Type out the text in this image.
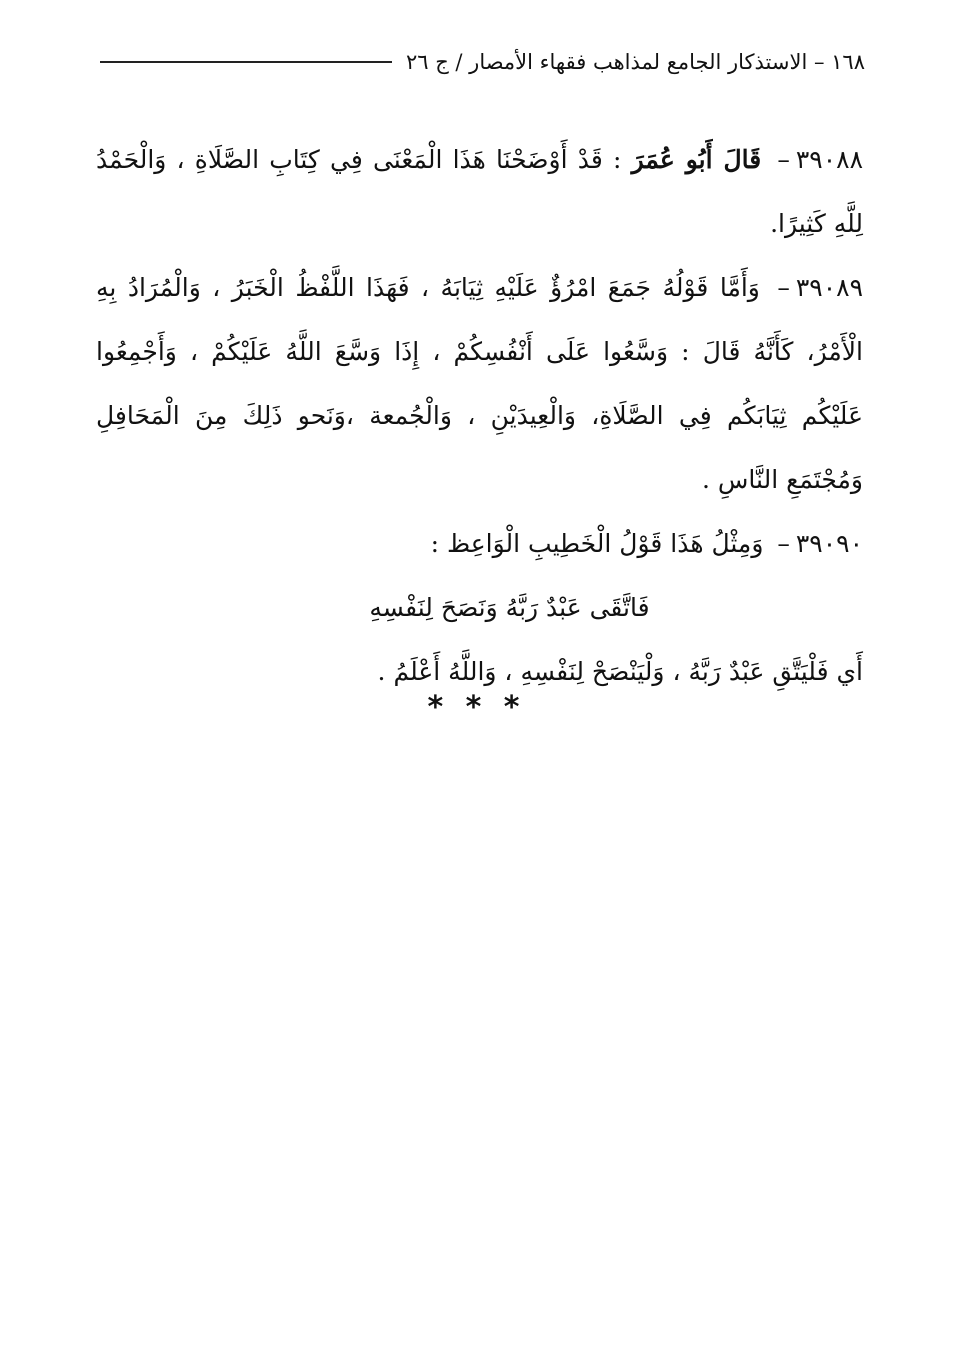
١٦٨ – الاستذكار الجامع لمذاهب فقهاء الأمصار / ج ٢٦

٣٩٠٨٨– قَالَ أَبُو عُمَرَ : قَدْ أَوْضَحْنَا هَذَا الْمَعْنَى فِي كِتَابِ الصَّلَاةِ ، وَالْحَمْدُ لِلَّهِ كَثِيرًا.

٣٩٠٨٩– وَأَمَّا قَوْلُهُ جَمَعَ امْرُؤٌ عَلَيْهِ ثِيَابَهُ ، فَهَذَا اللَّفْظُ الْخَبَرُ ، وَالْمُرَادُ بِهِ الْأَمْرُ، كَأَنَّهُ قَالَ : وَسَّعُوا عَلَى أَنْفُسِكُمْ ، إِذَا وَسَّعَ اللَّهُ عَلَيْكُمْ ، وَأَجْمِعُوا عَلَيْكُم ثِيَابَكُم فِي الصَّلَاةِ، وَالْعِيدَيْنِ ، وَالْجُمعة ،وَنَحو ذَلِكَ مِنَ الْمَحَافِلِ وَمُجْتَمَعِ النَّاسِ .

٣٩٠٩٠– وَمِثْلُ هَذَا قَوْلُ الْخَطِيبِ الْوَاعِظ :

فَاتَّقَى عَبْدٌ رَبَّهُ وَنَصَحَ لِنَفْسِهِ

أَي فَلْيَتَّقِ عَبْدٌ رَبَّهُ ، وَلْيَنْصَحْ لِنَفْسِهِ ، وَاللَّهُ أَعْلَمُ .

* * *
